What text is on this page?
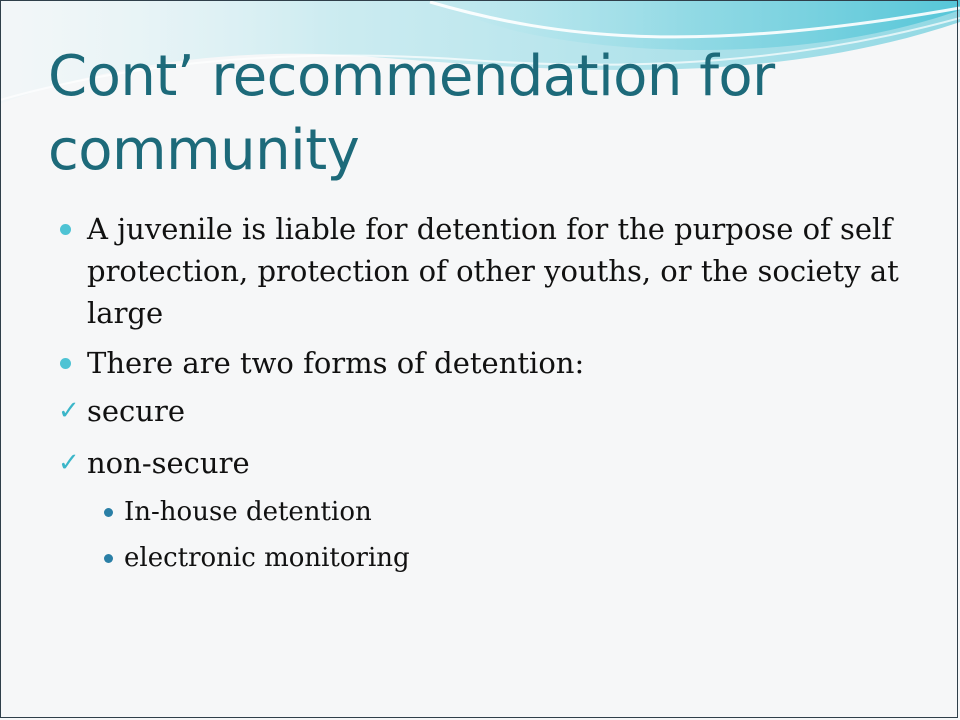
Cont’ recommendation for community
A juvenile is liable for detention for the purpose of self protection, protection of other youths, or the society at large
There are two forms of detention:
✓ secure
✓ non-secure
In-house detention
electronic monitoring
